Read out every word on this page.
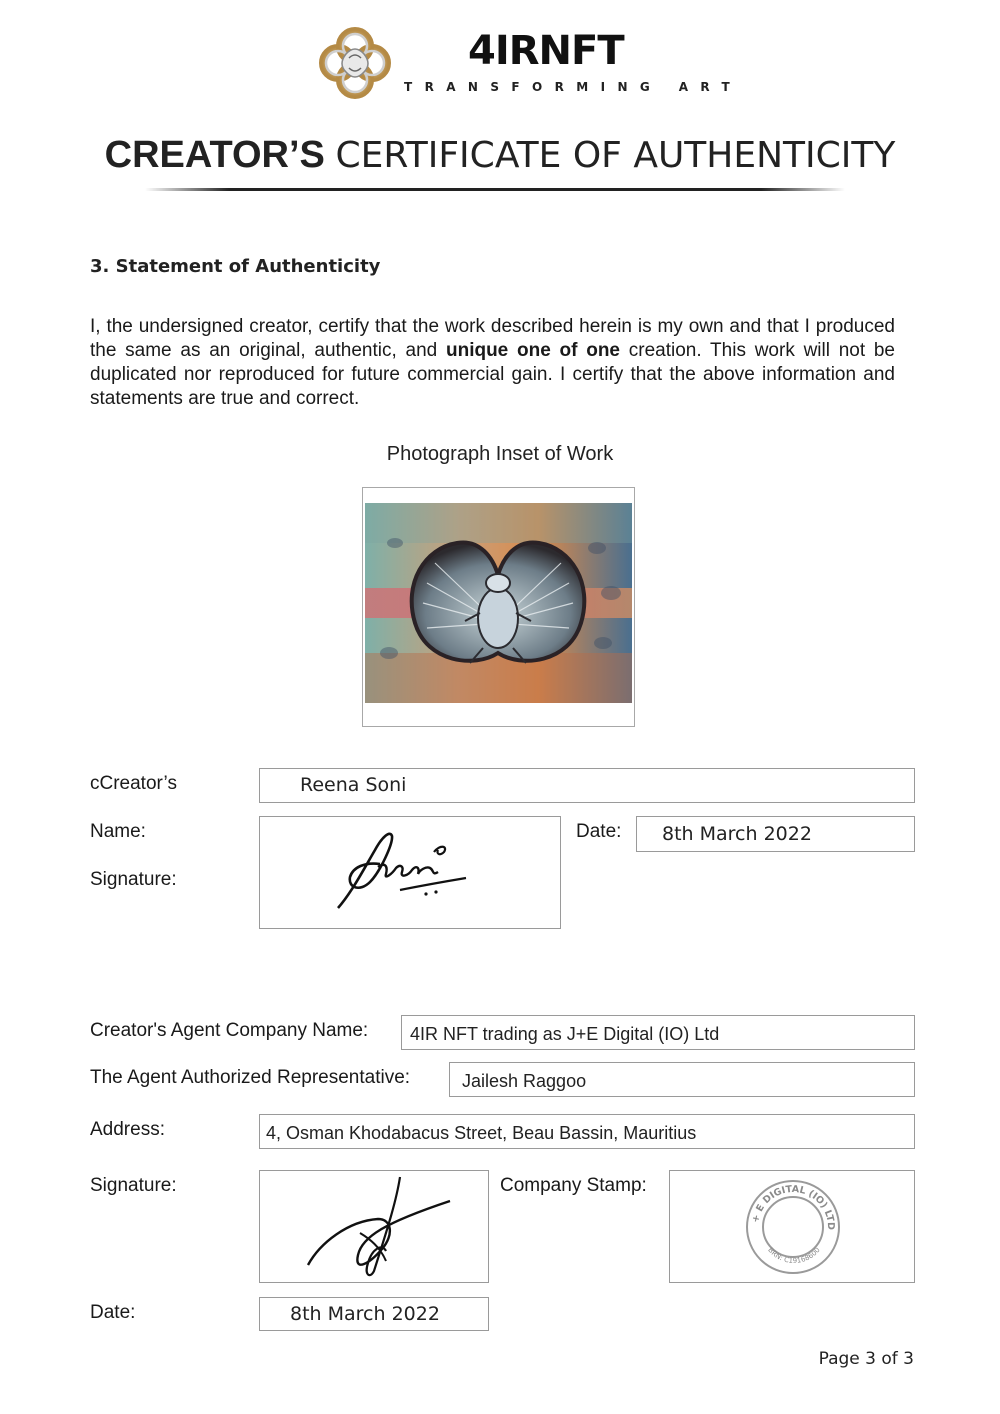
4IRNFT
TRANSFORMING ART
CREATOR’S CERTIFICATE OF AUTHENTICITY
3. Statement of Authenticity
I, the undersigned creator, certify that the work described herein is my own and that I produced the same as an original, authentic, and unique one of one creation. This work will not be duplicated nor reproduced for future commercial gain. I certify that the above information and statements are true and correct.
Photograph Inset of Work
cCreator’s
Name:
Reena Soni
Signature:
Date: 8th March 2022
Creator's Agent Company Name: 4IR NFT trading as J+E Digital (IO) Ltd
The Agent Authorized Representative:	Jailesh Raggoo
Address:	4, Osman Khodabacus Street, Beau Bassin, Mauritius
Signature:	Company Stamp:
+ E DIGITAL (IO) LTD
BRN: C19168600
Date:	8th March 2022
Page 3 of 3
